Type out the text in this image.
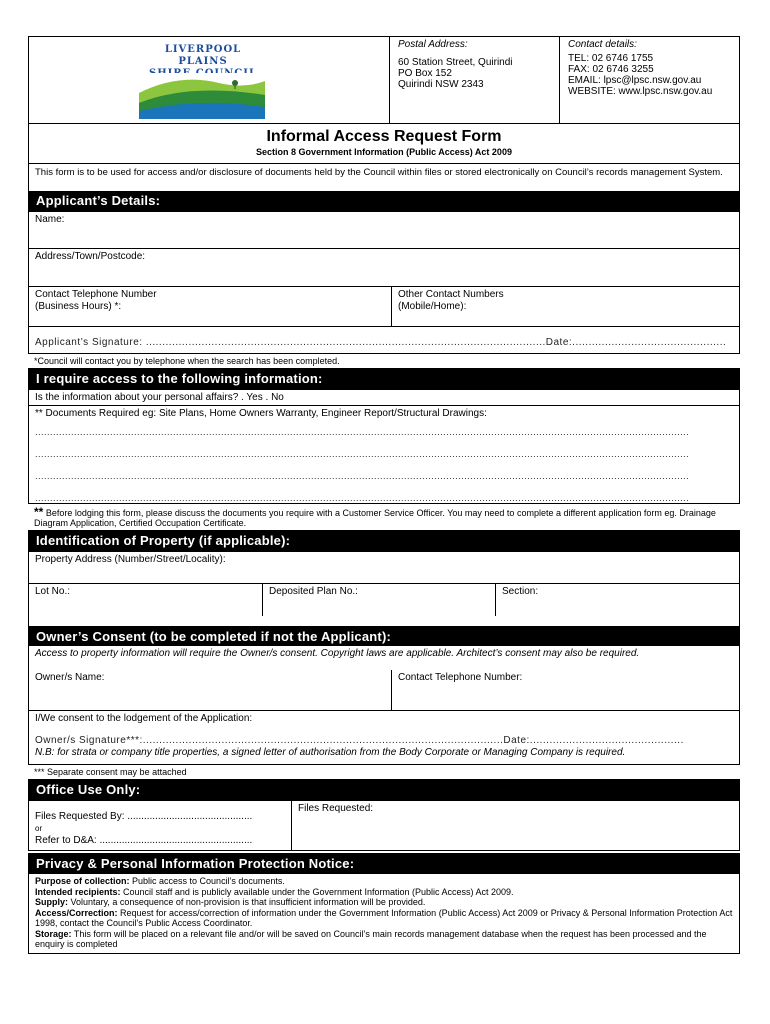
LIVERPOOL PLAINS
Postal Address:
60 Station Street, Quirindi
PO Box 152
Quirindi NSW 2343
Contact details:
TEL: 02 6746 1755
FAX: 02 6746 3255
EMAIL: lpsc@lpsc.nsw.gov.au
WEBSITE: www.lpsc.nsw.gov.au
Informal Access Request Form
Section 8 Government Information (Public Access) Act 2009
This form is to be used for access and/or disclosure of documents held by the Council within files or stored electronically on Council’s records management System.
Applicant’s Details:
Name:
Address/Town/Postcode:
Contact Telephone Number
(Business Hours) *:
Other Contact Numbers
(Mobile/Home):
Applicant’s Signature: ..........................................................................................................................Date:...............................................
*Council will contact you by telephone when the search has been completed.
I require access to the following information:
Is the information about your personal affairs? . Yes . No
** Documents Required eg: Site Plans, Home Owners Warranty, Engineer Report/Structural Drawings:
..........................................................................................................................................................................................................................
..........................................................................................................................................................................................................................
..........................................................................................................................................................................................................................
..........................................................................................................................................................................................................................
** Before lodging this form, please discuss the documents you require with a Customer Service Officer. You may need to complete a different application form eg. Drainage Diagram Application, Certified Occupation Certificate.
Identification of Property (if applicable):
Property Address (Number/Street/Locality):
Lot No.:	Deposited Plan No.:	Section:
Owner’s Consent (to be completed if not the Applicant):
Access to property information will require the Owner/s consent. Copyright laws are applicable. Architect’s consent may also be required.
Owner/s Name:	Contact Telephone Number:
I/We consent to the lodgement of the Application:
Owner/s Signature***:..............................................................................................................Date:...............................................
N.B: for strata or company title properties, a signed letter of authorisation from the Body Corporate or Managing Company is required.
*** Separate consent may be attached
Office Use Only:
Files Requested By: .............................................
or
Refer to D&A: .......................................................
Files Requested:
Privacy & Personal Information Protection Notice:

Purpose of collection: Public access to Council’s documents.

Intended recipients: Council staff and is publicly available under the Government Information (Public Access) Act 2009.

Supply: Voluntary, a consequence of non-provision is that insufficient information will be provided.

Access/Correction: Request for access/correction of information under the Government Information (Public Access) Act 2009 or Privacy & Personal Information Protection Act 1998, contact the Council's Public Access Coordinator.

Storage: This form will be placed on a relevant file and/or will be saved on Council’s main records management database when the request has been processed and the enquiry is completed
